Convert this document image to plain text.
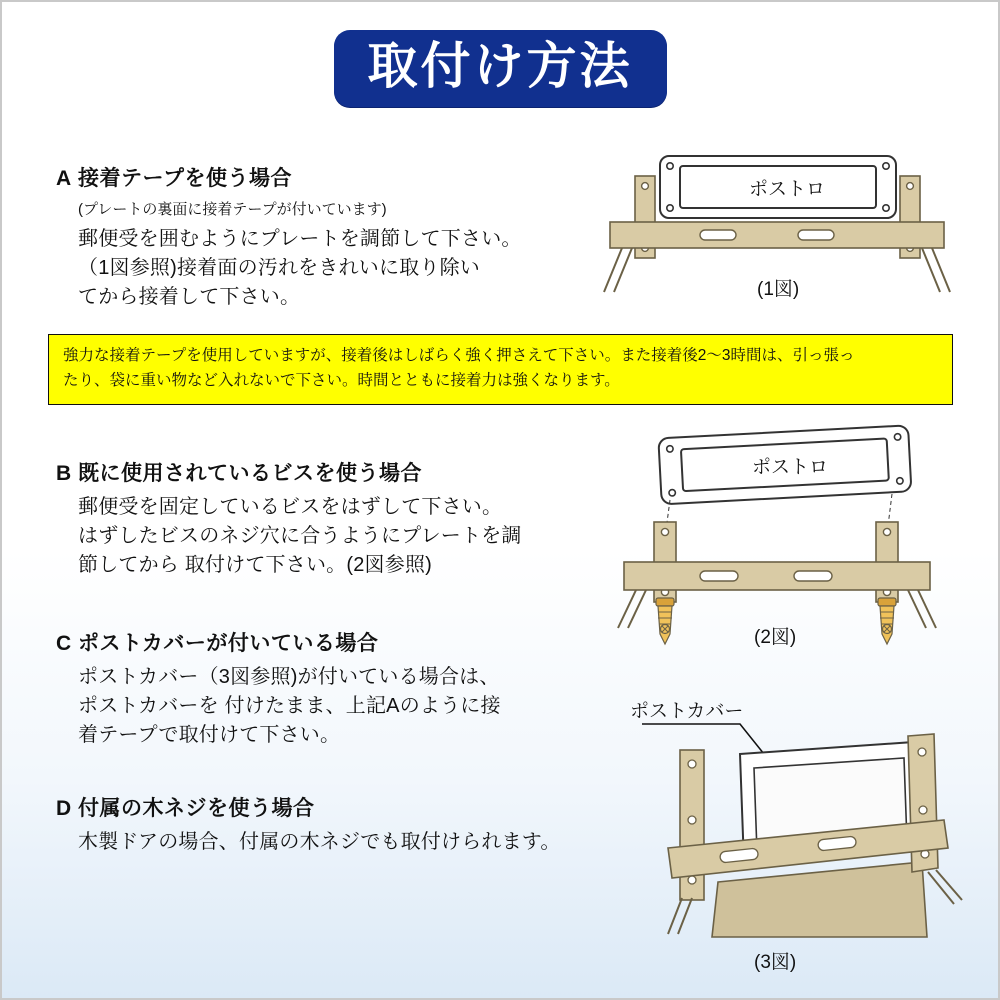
取付け方法
A 接着テープを使う場合
(プレートの裏面に接着テープが付いています)
郵便受を囲むようにプレートを調節して下さい。
（1図参照)接着面の汚れをきれいに取り除い
てから接着して下さい。
強力な接着テープを使用していますが、接着後はしばらく強く押さえて下さい。また接着後2～3時間は、引っ張っ
たり、袋に重い物など入れないで下さい。時間とともに接着力は強くなります。
B 既に使用されているビスを使う場合
郵便受を固定しているビスをはずして下さい。
はずしたビスのネジ穴に合うようにプレートを調
節してから 取付けて下さい。(2図参照)
C ポストカバーが付いている場合
ポストカバー（3図参照)が付いている場合は、
ポストカバーを 付けたまま、上記Aのように接
着テープで取付けて下さい。
D 付属の木ネジを使う場合
木製ドアの場合、付属の木ネジでも取付けられます。
ポストロ
(1図)
ポストロ
(2図)
ポストカバー
(3図)
